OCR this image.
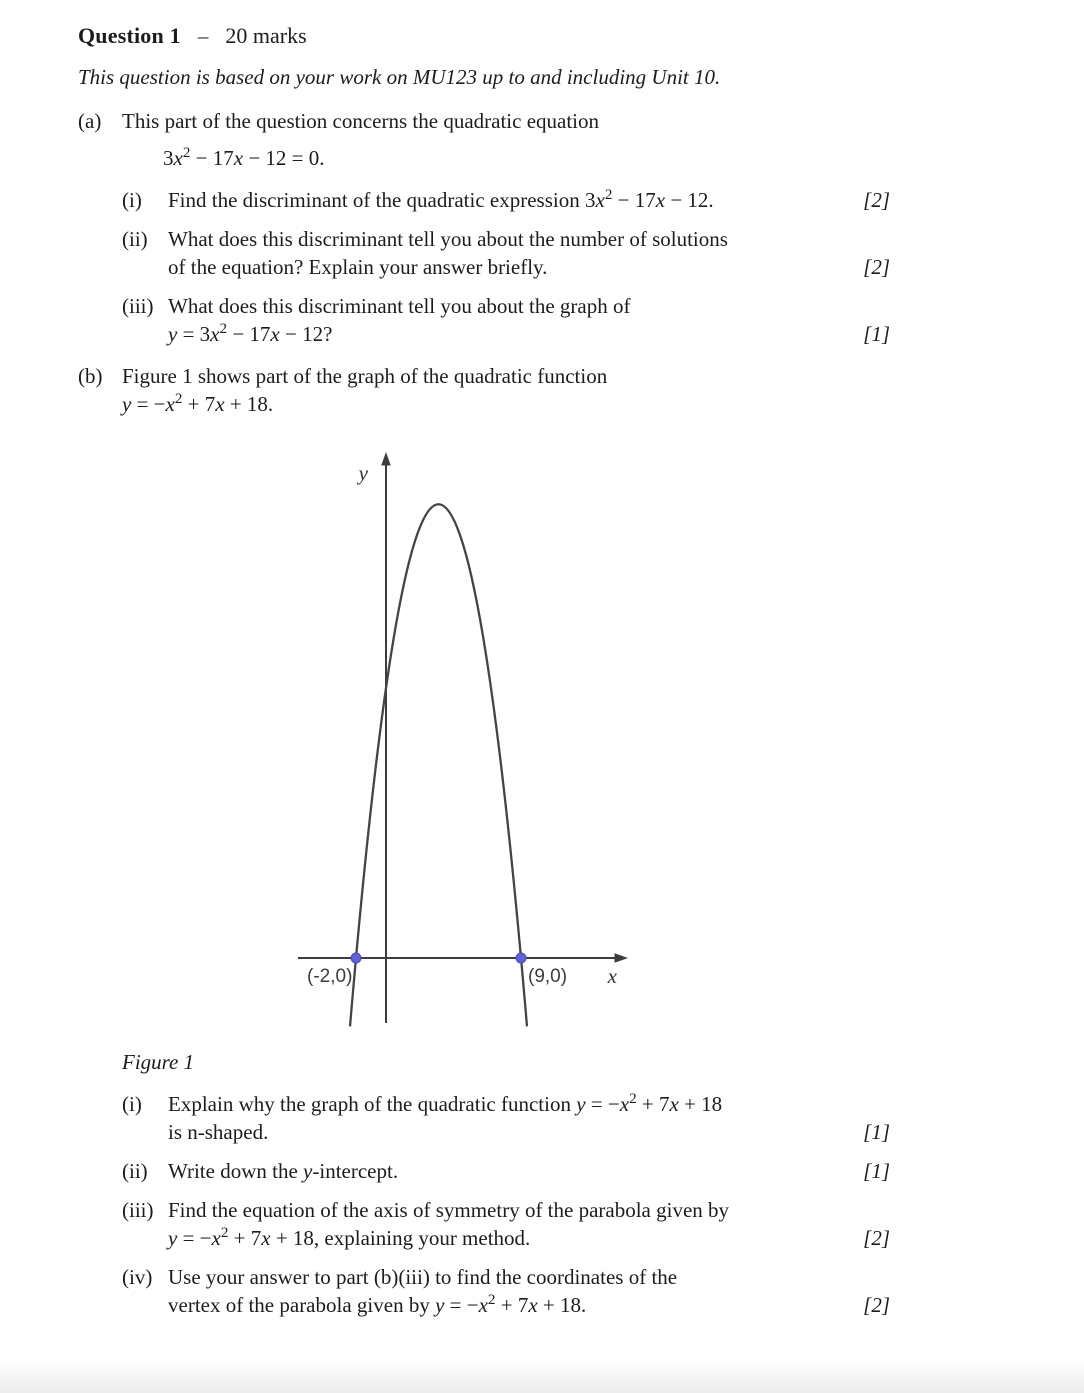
Question 1 – 20 marks
This question is based on your work on MU123 up to and including Unit 10.
(a) This part of the question concerns the quadratic equation
$3x^2 - 17x - 12 = 0$.
(i)	Find the discriminant of the quadratic expression $3x^2 - 17x - 12$.	[2]
(ii) What does this discriminant tell you about the number of solutions
of the equation? Explain your answer briefly.	[2]
(iii) What does this discriminant tell you about the graph of
$y = 3x^2 - 17x - 12$?	[1]
(b) Figure 1 shows part of the graph of the quadratic function
$y = -x^2 + 7x + 18$.
y
x
(-2,0)	(9,0)
Figure 1
(i)	Explain why the graph of the quadratic function $y = -x^2 + 7x + 18$
is n-shaped.	[1]
(ii) Write down the y-intercept.	[1]
(iii) Find the equation of the axis of symmetry of the parabola given by
$y = -x^2 + 7x + 18$, explaining your method.	[2]
(iv) Use your answer to part (b)(iii) to find the coordinates of the
vertex of the parabola given by $y = -x^2 + 7x + 18$.	[2]
